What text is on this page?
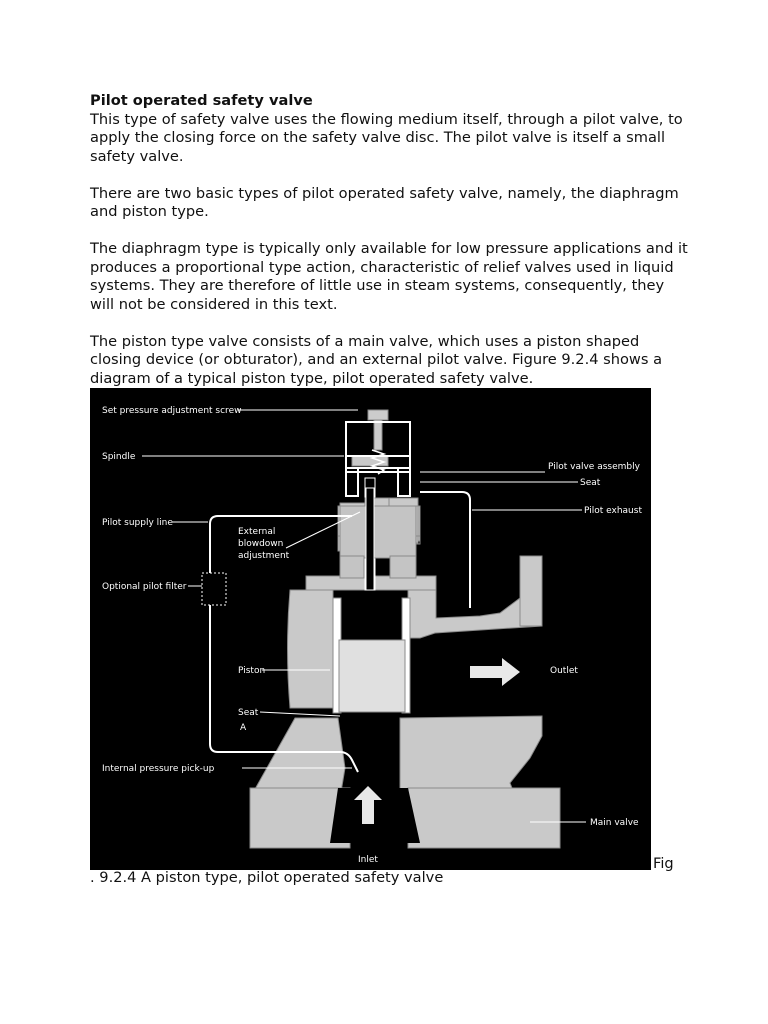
Pilot operated safety valve

This type of safety valve uses the flowing medium itself, through a pilot valve, to apply the closing force on the safety valve disc. The pilot valve is itself a small safety valve.

There are two basic types of pilot operated safety valve, namely, the diaphragm and piston type.

The diaphragm type is typically only available for low pressure applications and it produces a proportional type action, characteristic of relief valves used in liquid systems. They are therefore of little use in steam systems, consequently, they will not be considered in this text.

The piston type valve consists of a main valve, which uses a piston shaped closing device (or obturator), and an external pilot valve. Figure 9.2.4 shows a diagram of a typical piston type, pilot operated safety valve.

Set pressure adjustment screw
Spindle
Pilot valve assembly
Seat
Pilot exhaust
Pilot supply line
External
blowdown
adjustment
Optional pilot filter
Piston
Seat
A
Internal pressure pick-up
Outlet
Main valve
Inlet	Fig
. 9.2.4 A piston type, pilot operated safety valve
